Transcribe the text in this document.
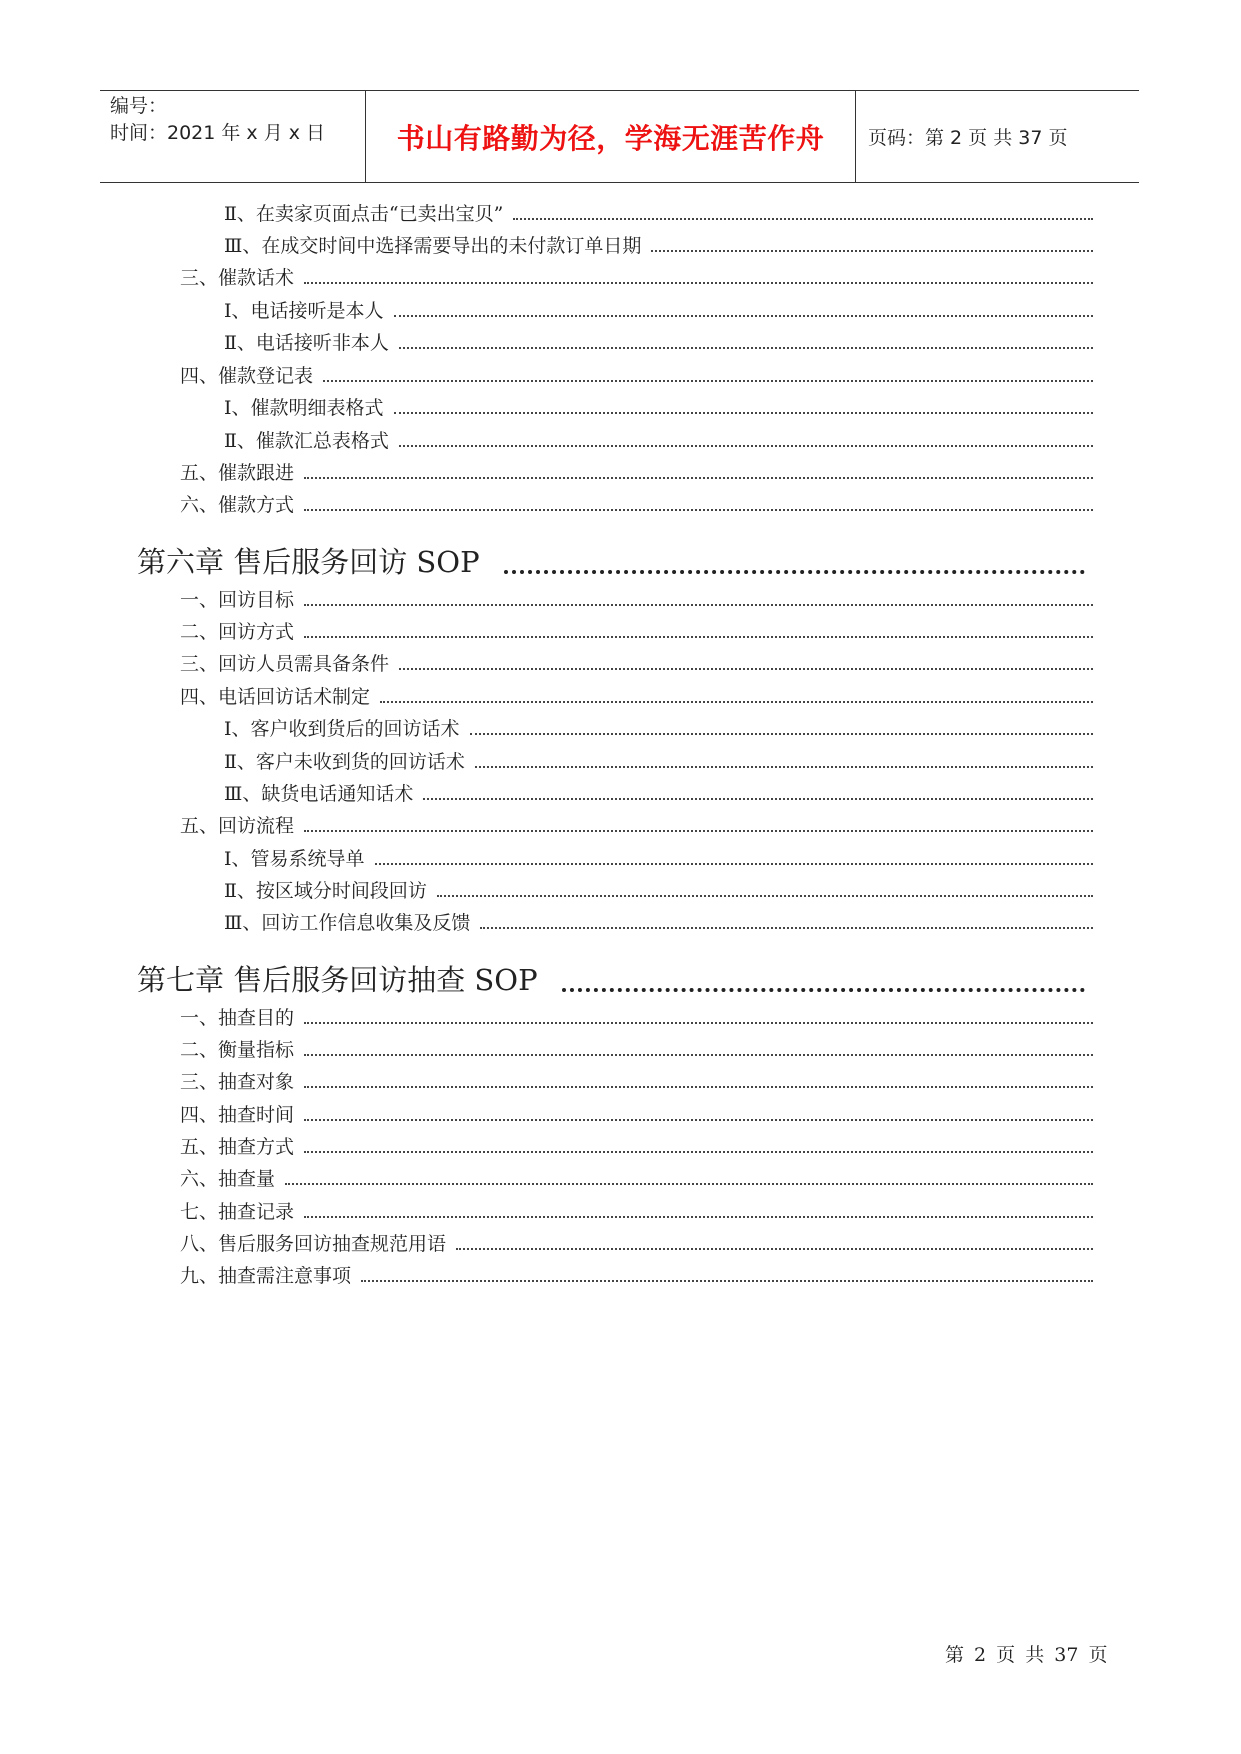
编号：
时间：2021 年 x 月 x 日	书山有路勤为径，学海无涯苦作舟	页码：第 2 页 共 37 页
Ⅱ、在卖家页面点击“已卖出宝贝”
Ⅲ、在成交时间中选择需要导出的未付款订单日期
三、催款话术
Ⅰ、电话接听是本人
Ⅱ、电话接听非本人
四、催款登记表
Ⅰ、催款明细表格式
Ⅱ、催款汇总表格式
五、催款跟进
六、催款方式
第六章 售后服务回访 SOP
一、回访目标
二、回访方式
三、回访人员需具备条件
四、电话回访话术制定
Ⅰ、客户收到货后的回访话术
Ⅱ、客户未收到货的回访话术
Ⅲ、缺货电话通知话术
五、回访流程
Ⅰ、管易系统导单
Ⅱ、按区域分时间段回访
Ⅲ、回访工作信息收集及反馈
第七章 售后服务回访抽查 SOP
一、抽查目的
二、衡量指标
三、抽查对象
四、抽查时间
五、抽查方式
六、抽查量
七、抽查记录
八、售后服务回访抽查规范用语
九、抽查需注意事项
第 2 页 共 37 页
